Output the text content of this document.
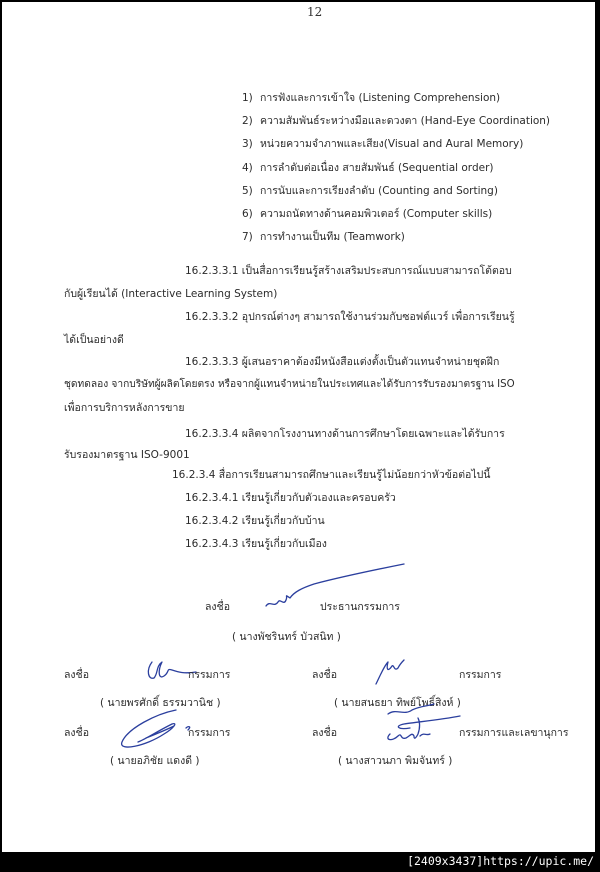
12
1) การฟังและการเข้าใจ (Listening Comprehension)
2) ความสัมพันธ์ระหว่างมือและดวงตา (Hand-Eye Coordination)
3) หน่วยความจำภาพและเสียง(Visual and Aural Memory)
4) การลำดับต่อเนื่อง สายสัมพันธ์ (Sequential order)
5) การนับและการเรียงลำดับ (Counting and Sorting)
6) ความถนัดทางด้านคอมพิวเตอร์ (Computer skills)
7) การทำงานเป็นทีม (Teamwork)
16.2.3.3.1 เป็นสื่อการเรียนรู้สร้างเสริมประสบการณ์แบบสามารถโต้ตอบ
กับผู้เรียนได้ (Interactive Learning System)
16.2.3.3.2 อุปกรณ์ต่างๆ สามารถใช้งานร่วมกับซอฟต์แวร์ เพื่อการเรียนรู้
ได้เป็นอย่างดี
16.2.3.3.3 ผู้เสนอราคาต้องมีหนังสือแต่งตั้งเป็นตัวแทนจำหน่ายชุดฝึก
ชุดทดลอง จากบริษัทผู้ผลิตโดยตรง หรือจากผู้แทนจำหน่ายในประเทศและได้รับการรับรองมาตรฐาน ISO
เพื่อการบริการหลังการขาย
16.2.3.3.4 ผลิตจากโรงงานทางด้านการศึกษาโดยเฉพาะและได้รับการ
รับรองมาตรฐาน ISO-9001
16.2.3.4 สื่อการเรียนสามารถศึกษาและเรียนรู้ไม่น้อยกว่าหัวข้อต่อไปนี้
16.2.3.4.1 เรียนรู้เกี่ยวกับตัวเองและครอบครัว
16.2.3.4.2 เรียนรู้เกี่ยวกับบ้าน
16.2.3.4.3 เรียนรู้เกี่ยวกับเมือง
ลงชื่อ	ประธานกรรมการ
( นางพัชรินทร์ บัวสนิท )
ลงชื่อ	กรรมการ
( นายพรศักดิ์ ธรรมวานิช )
ลงชื่อ	กรรมการ
( นายสนธยา ทิพย์โพธิ์สิงห์ )
ลงชื่อ	กรรมการ
( นายอภิชัย แดงดี )
ลงชื่อ	กรรมการและเลขานุการ
( นางสาวนภา พิมจันทร์ )
[2409x3437]https://upic.me/
